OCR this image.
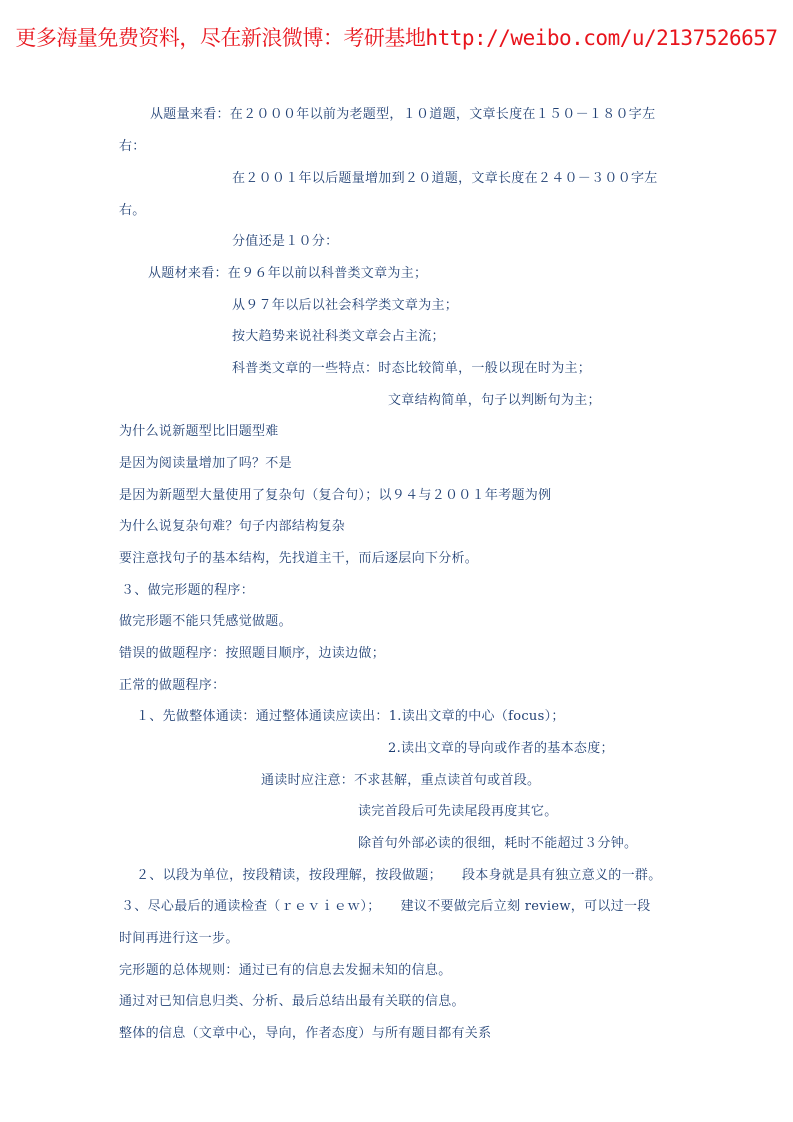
更多海量免费资料，尽在新浪微博：考研基地http://weibo.com/u/2137526657
从题量来看：在２０００年以前为老题型，１０道题，文章长度在１５０－１８０字左
右：
在２００１年以后题量增加到２０道题，文章长度在２４０－３００字左
右。
分值还是１０分：
从题材来看：在９６年以前以科普类文章为主；
从９７年以后以社会科学类文章为主；
按大趋势来说社科类文章会占主流；
科普类文章的一些特点：时态比较简单，一般以现在时为主；
文章结构简单，句子以判断句为主；
为什么说新题型比旧题型难
是因为阅读量增加了吗？不是
是因为新题型大量使用了复杂句（复合句）；以９４与２００１年考题为例
为什么说复杂句难？句子内部结构复杂
要注意找句子的基本结构，先找道主干，而后逐层向下分析。
３、做完形题的程序：
做完形题不能只凭感觉做题。
错误的做题程序：按照题目顺序，边读边做；
正常的做题程序：
１、先做整体通读：通过整体通读应读出：1.读出文章的中心（focus）；
2.读出文章的导向或作者的基本态度；
通读时应注意：不求甚解，重点读首句或首段。
读完首段后可先读尾段再度其它。
除首句外部必读的很细，耗时不能超过３分钟。
２、以段为单位，按段精读，按段理解，按段做题；　　段本身就是具有独立意义的一群。
３、尽心最后的通读检查（ｒｅｖｉｅｗ）；　　建议不要做完后立刻 review，可以过一段
时间再进行这一步。
完形题的总体规则：通过已有的信息去发掘未知的信息。
通过对已知信息归类、分析、最后总结出最有关联的信息。
整体的信息（文章中心，导向，作者态度）与所有题目都有关系
